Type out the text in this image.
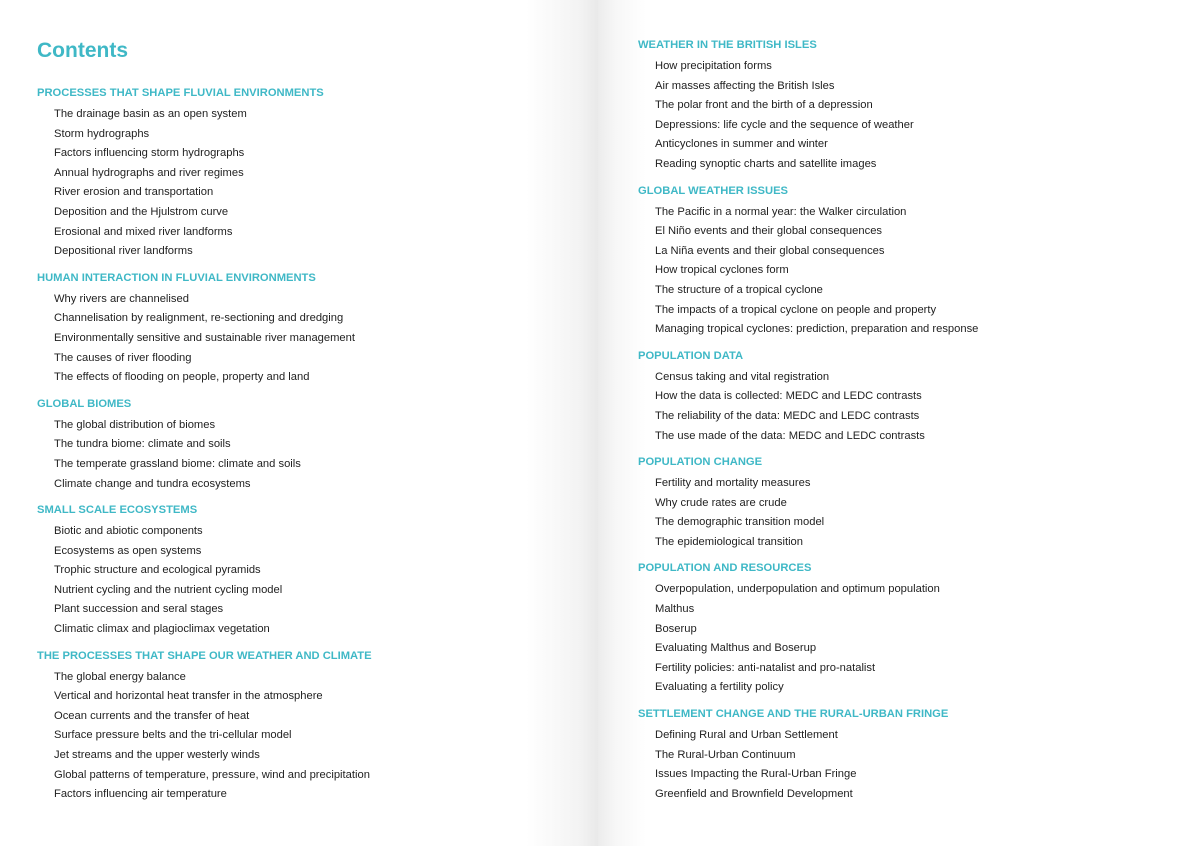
Contents
PROCESSES THAT SHAPE FLUVIAL ENVIRONMENTS
The drainage basin as an open system
Storm hydrographs
Factors influencing storm hydrographs
Annual hydrographs and river regimes
River erosion and transportation
Deposition and the Hjulstrom curve
Erosional and mixed river landforms
Depositional river landforms
HUMAN INTERACTION IN FLUVIAL ENVIRONMENTS
Why rivers are channelised
Channelisation by realignment, re-sectioning and dredging
Environmentally sensitive and sustainable river management
The causes of river flooding
The effects of flooding on people, property and land
GLOBAL BIOMES
The global distribution of biomes
The tundra biome: climate and soils
The temperate grassland biome: climate and soils
Climate change and tundra ecosystems
SMALL SCALE ECOSYSTEMS
Biotic and abiotic components
Ecosystems as open systems
Trophic structure and ecological pyramids
Nutrient cycling and the nutrient cycling model
Plant succession and seral stages
Climatic climax and plagioclimax vegetation
THE PROCESSES THAT SHAPE OUR WEATHER AND CLIMATE
The global energy balance
Vertical and horizontal heat transfer in the atmosphere
Ocean currents and the transfer of heat
Surface pressure belts and the tri-cellular model
Jet streams and the upper westerly winds
Global patterns of temperature, pressure, wind and precipitation
Factors influencing air temperature
WEATHER IN THE BRITISH ISLES
How precipitation forms
Air masses affecting the British Isles
The polar front and the birth of a depression
Depressions: life cycle and the sequence of weather
Anticyclones in summer and winter
Reading synoptic charts and satellite images
GLOBAL WEATHER ISSUES
The Pacific in a normal year: the Walker circulation
El Niño events and their global consequences
La Niña events and their global consequences
How tropical cyclones form
The structure of a tropical cyclone
The impacts of a tropical cyclone on people and property
Managing tropical cyclones: prediction, preparation and response
POPULATION DATA
Census taking and vital registration
How the data is collected: MEDC and LEDC contrasts
The reliability of the data: MEDC and LEDC contrasts
The use made of the data: MEDC and LEDC contrasts
POPULATION CHANGE
Fertility and mortality measures
Why crude rates are crude
The demographic transition model
The epidemiological transition
POPULATION AND RESOURCES
Overpopulation, underpopulation and optimum population
Malthus
Boserup
Evaluating Malthus and Boserup
Fertility policies: anti-natalist and pro-natalist
Evaluating a fertility policy
SETTLEMENT CHANGE AND THE RURAL-URBAN FRINGE
Defining Rural and Urban Settlement
The Rural-Urban Continuum
Issues Impacting the Rural-Urban Fringe
Greenfield and Brownfield Development
